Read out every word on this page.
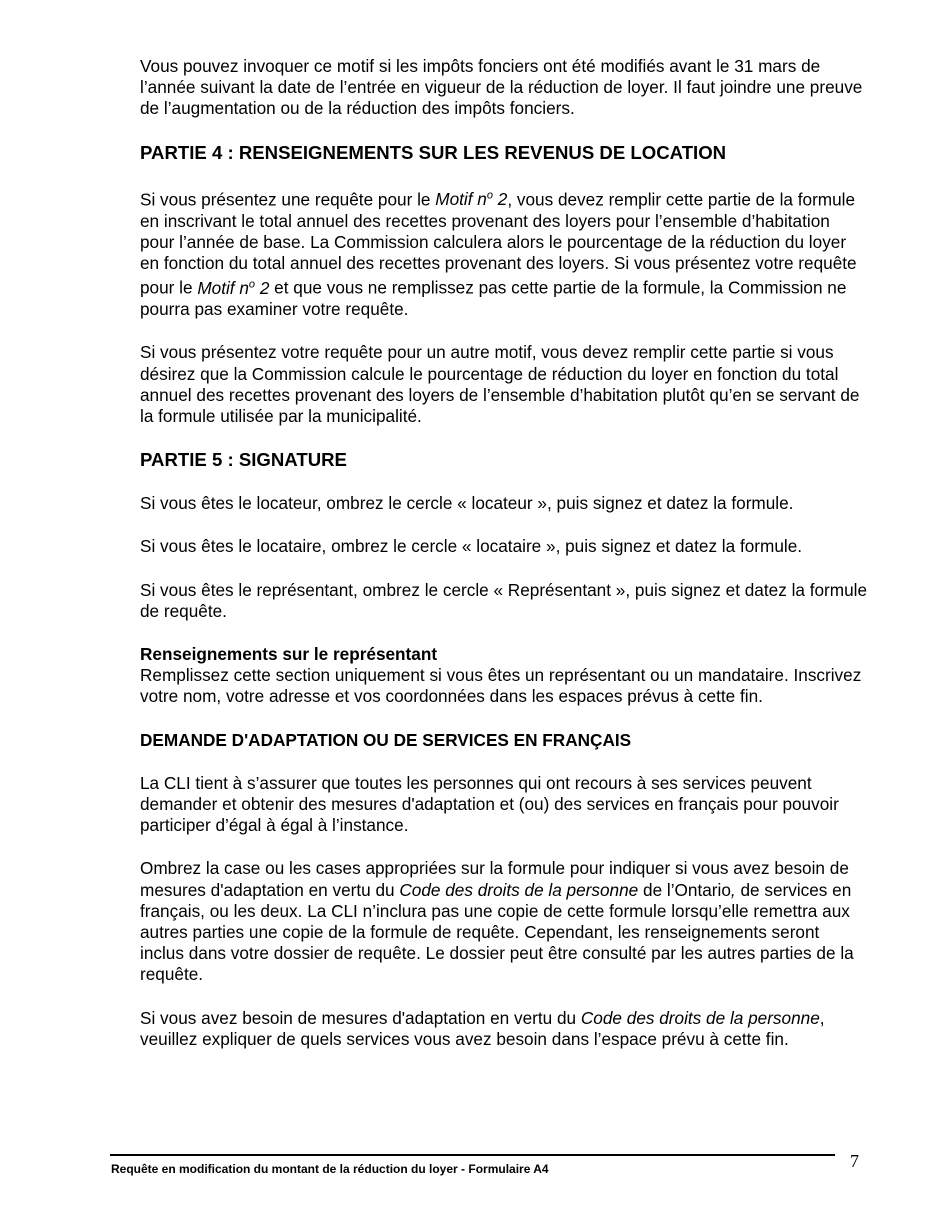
Vous pouvez invoquer ce motif si les impôts fonciers ont été modifiés avant le 31 mars de l’année suivant la date de l’entrée en vigueur de la réduction de loyer. Il faut joindre une preuve de l’augmentation ou de la réduction des impôts fonciers.

PARTIE 4 : RENSEIGNEMENTS SUR LES REVENUS DE LOCATION

Si vous présentez une requête pour le Motif $n^o$ 2, vous devez remplir cette partie de la formule en inscrivant le total annuel des recettes provenant des loyers pour l’ensemble d’habitation pour l’année de base. La Commission calculera alors le pourcentage de la réduction du loyer en fonction du total annuel des recettes provenant des loyers. Si vous présentez votre requête pour le Motif $n^o$ 2 et que vous ne remplissez pas cette partie de la formule, la Commission ne pourra pas examiner votre requête.

Si vous présentez votre requête pour un autre motif, vous devez remplir cette partie si vous désirez que la Commission calcule le pourcentage de réduction du loyer en fonction du total annuel des recettes provenant des loyers de l’ensemble d’habitation plutôt qu’en se servant de la formule utilisée par la municipalité.

PARTIE 5 : SIGNATURE

Si vous êtes le locateur, ombrez le cercle « locateur », puis signez et datez la formule.

Si vous êtes le locataire, ombrez le cercle « locataire », puis signez et datez la formule.

Si vous êtes le représentant, ombrez le cercle « Représentant », puis signez et datez la formule de requête.

Renseignements sur le représentant

Remplissez cette section uniquement si vous êtes un représentant ou un mandataire. Inscrivez votre nom, votre adresse et vos coordonnées dans les espaces prévus à cette fin.

DEMANDE D'ADAPTATION OU DE SERVICES EN FRANÇAIS

La CLI tient à s’assurer que toutes les personnes qui ont recours à ses services peuvent demander et obtenir des mesures d'adaptation et (ou) des services en français pour pouvoir participer d’égal à égal à l’instance.

Ombrez la case ou les cases appropriées sur la formule pour indiquer si vous avez besoin de mesures d'adaptation en vertu du Code des droits de la personne de l’Ontario, de services en français, ou les deux. La CLI n’inclura pas une copie de cette formule lorsqu’elle remettra aux autres parties une copie de la formule de requête. Cependant, les renseignements seront inclus dans votre dossier de requête. Le dossier peut être consulté par les autres parties de la requête.

Si vous avez besoin de mesures d'adaptation en vertu du Code des droits de la personne, veuillez expliquer de quels services vous avez besoin dans l’espace prévu à cette fin.

Requête en modification du montant de la réduction du loyer - Formulaire A4	7
